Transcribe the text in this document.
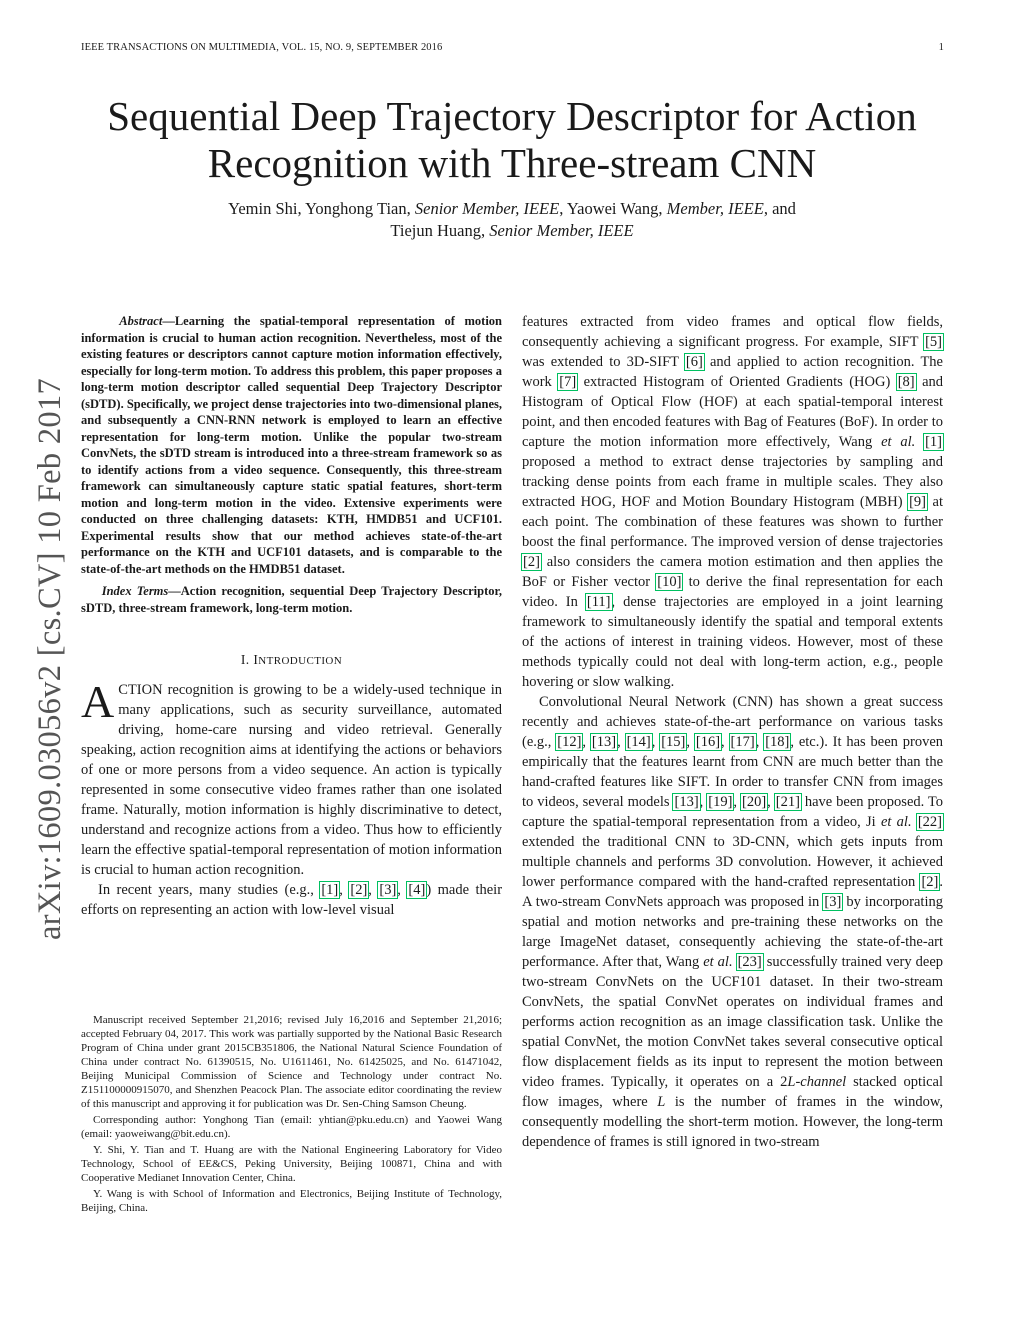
IEEE TRANSACTIONS ON MULTIMEDIA, VOL. 15, NO. 9, SEPTEMBER 2016	1
arXiv:1609.03056v2 [cs.CV] 10 Feb 2017
Sequential Deep Trajectory Descriptor for Action
Recognition with Three-stream CNN
Yemin Shi, Yonghong Tian, Senior Member, IEEE, Yaowei Wang, Member, IEEE, and
Tiejun Huang, Senior Member, IEEE

Abstract—Learning the spatial-temporal representation of motion information is crucial to human action recognition. Nevertheless, most of the existing features or descriptors cannot capture motion information effectively, especially for long-term motion. To address this problem, this paper proposes a long-term motion descriptor called sequential Deep Trajectory Descriptor (sDTD). Specifically, we project dense trajectories into two-dimensional planes, and subsequently a CNN-RNN network is employed to learn an effective representation for long-term motion. Unlike the popular two-stream ConvNets, the sDTD stream is introduced into a three-stream framework so as to identify actions from a video sequence. Consequently, this three-stream framework can simultaneously capture static spatial features, short-term motion and long-term motion in the video. Extensive experiments were conducted on three challenging datasets: KTH, HMDB51 and UCF101. Experimental results show that our method achieves state-of-the-art performance on the KTH and UCF101 datasets, and is comparable to the state-of-the-art methods on the HMDB51 dataset.

Index Terms—Action recognition, sequential Deep Trajectory Descriptor, sDTD, three-stream framework, long-term motion.

I. INTRODUCTION

ACTION recognition is growing to be a widely-used technique in many applications, such as security surveillance, automated driving, home-care nursing and video retrieval. Generally speaking, action recognition aims at identifying the actions or behaviors of one or more persons from a video sequence. An action is typically represented in some consecutive video frames rather than one isolated frame. Naturally, motion information is highly discriminative to detect, understand and recognize actions from a video. Thus how to efficiently learn the effective spatial-temporal representation of motion information is crucial to human action recognition.

In recent years, many studies (e.g., [1], [2], [3], [4]) made their efforts on representing an action with low-level visual

Manuscript received September 21,2016; revised July 16,2016 and September 21,2016; accepted February 04, 2017. This work was partially supported by the National Basic Research Program of China under grant 2015CB351806, the National Natural Science Foundation of China under contract No. 61390515, No. U1611461, No. 61425025, and No. 61471042, Beijing Municipal Commission of Science and Technology under contract No. Z151100000915070, and Shenzhen Peacock Plan. The associate editor coordinating the review of this manuscript and approving it for publication was Dr. Sen-Ching Samson Cheung.

Corresponding author: Yonghong Tian (email: yhtian@pku.edu.cn) and Yaowei Wang (email: yaoweiwang@bit.edu.cn).

Y. Shi, Y. Tian and T. Huang are with the National Engineering Laboratory for Video Technology, School of EE&CS, Peking University, Beijing 100871, China and with Cooperative Medianet Innovation Center, China.

Y. Wang is with School of Information and Electronics, Beijing Institute of Technology, Beijing, China.

features extracted from video frames and optical flow fields, consequently achieving a significant progress. For example, SIFT [5] was extended to 3D-SIFT [6] and applied to action recognition. The work [7] extracted Histogram of Oriented Gradients (HOG) [8] and Histogram of Optical Flow (HOF) at each spatial-temporal interest point, and then encoded features with Bag of Features (BoF). In order to capture the motion information more effectively, Wang et al. [1] proposed a method to extract dense trajectories by sampling and tracking dense points from each frame in multiple scales. They also extracted HOG, HOF and Motion Boundary Histogram (MBH) [9] at each point. The combination of these features was shown to further boost the final performance. The improved version of dense trajectories [2] also considers the camera motion estimation and then applies the BoF or Fisher vector [10] to derive the final representation for each video. In [11], dense trajectories are employed in a joint learning framework to simultaneously identify the spatial and temporal extents of the actions of interest in training videos. However, most of these methods typically could not deal with long-term action, e.g., people hovering or slow walking.

Convolutional Neural Network (CNN) has shown a great success recently and achieves state-of-the-art performance on various tasks (e.g., [12], [13], [14], [15], [16], [17], [18], etc.). It has been proven empirically that the features learnt from CNN are much better than the hand-crafted features like SIFT. In order to transfer CNN from images to videos, several models [13], [19], [20], [21] have been proposed. To capture the spatial-temporal representation from a video, Ji et al. [22] extended the traditional CNN to 3D-CNN, which gets inputs from multiple channels and performs 3D convolution. However, it achieved lower performance compared with the hand-crafted representation [2]. A two-stream ConvNets approach was proposed in [3] by incorporating spatial and motion networks and pre-training these networks on the large ImageNet dataset, consequently achieving the state-of-the-art performance. After that, Wang et al. [23] successfully trained very deep two-stream ConvNets on the UCF101 dataset. In their two-stream ConvNets, the spatial ConvNet operates on individual frames and performs action recognition as an image classification task. Unlike the spatial ConvNet, the motion ConvNet takes several consecutive optical flow displacement fields as its input to represent the motion between video frames. Typically, it operates on a 2L-channel stacked optical flow images, where L is the number of frames in the window, consequently modelling the short-term motion. However, the long-term dependence of frames is still ignored in two-stream
